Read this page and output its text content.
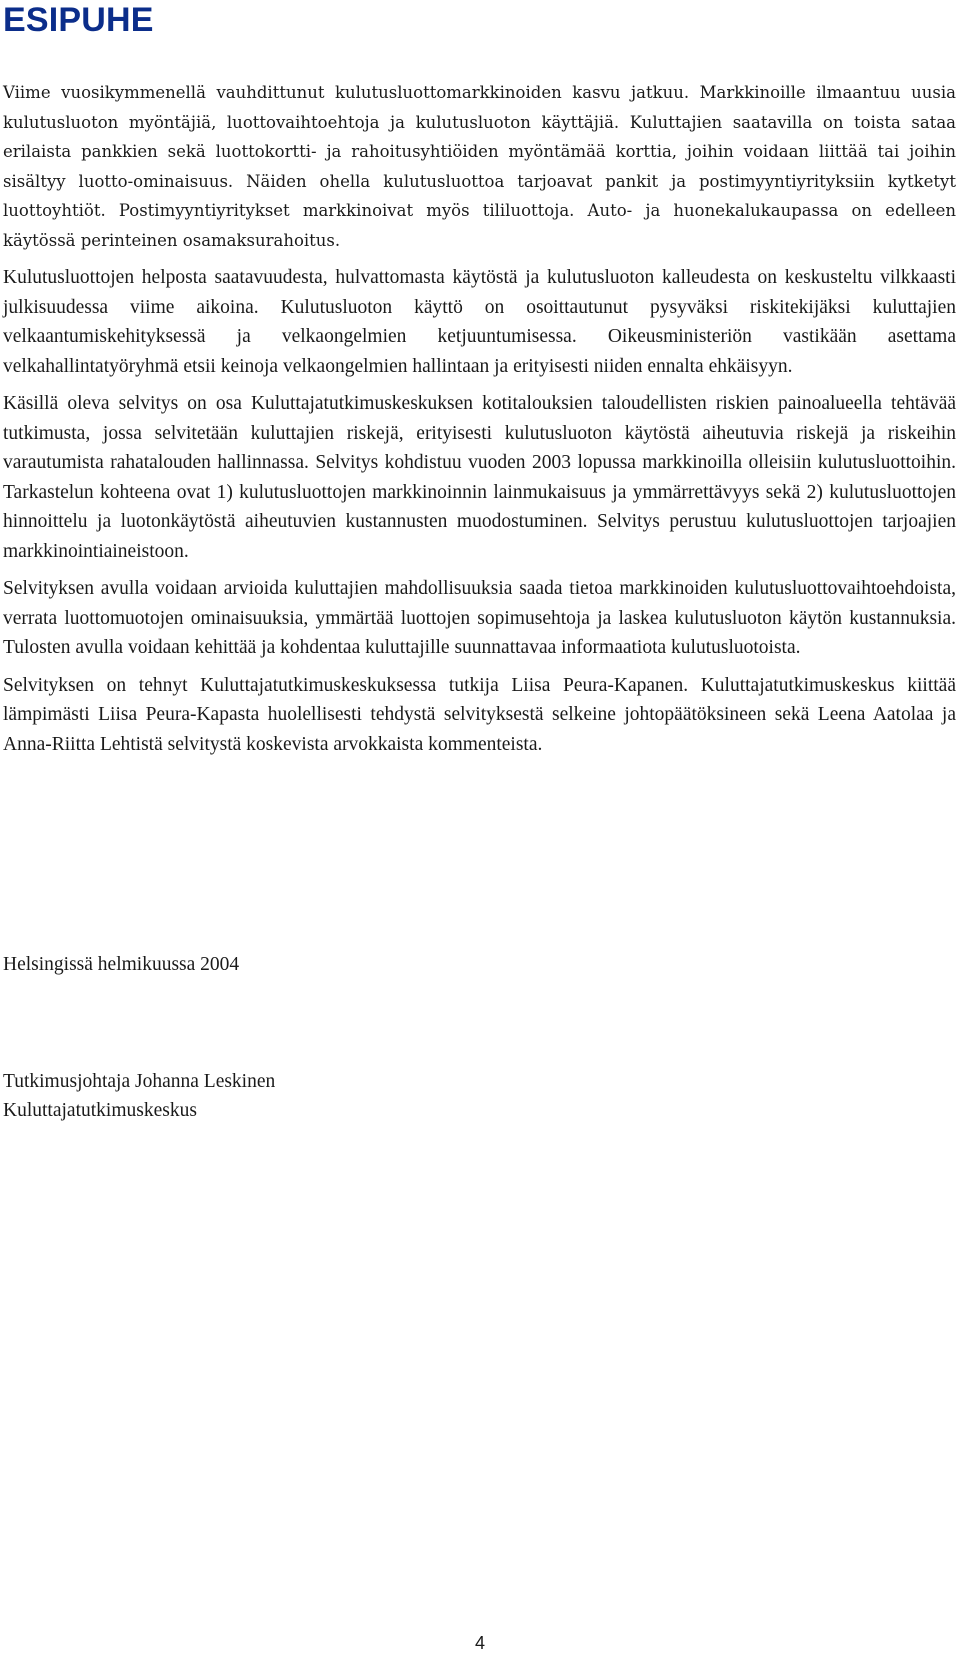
ESIPUHE

Viime vuosikymmenellä vauhdittunut kulutusluottomarkkinoiden kasvu jatkuu. Markkinoille ilmaantuu uusia kulutusluoton myöntäjiä, luottovaihtoehtoja ja kulutusluoton käyttäjiä. Kuluttajien saatavilla on toista sataa erilaista pankkien sekä luottokortti- ja rahoitusyhtiöiden myöntämää korttia, joihin voidaan liittää tai joihin sisältyy luotto-ominaisuus. Näiden ohella kulutusluottoa tarjoavat pankit ja postimyyntiyrityksiin kytketyt luottoyhtiöt. Postimyyntiyritykset markkinoivat myös tililuottoja. Auto- ja huonekalukaupassa on edelleen käytössä perinteinen osamaksurahoitus.

Kulutusluottojen helposta saatavuudesta, hulvattomasta käytöstä ja kulutusluoton kalleudesta on keskusteltu vilkkaasti julkisuudessa viime aikoina. Kulutusluoton käyttö on osoittautunut pysyväksi riskitekijäksi kuluttajien velkaantumiskehityksessä ja velkaongelmien ketjuuntumisessa. Oikeusministeriön vastikään asettama velkahallintatyöryhmä etsii keinoja velkaongelmien hallintaan ja erityisesti niiden ennalta ehkäisyyn.

Käsillä oleva selvitys on osa Kuluttajatutkimuskeskuksen kotitalouksien taloudellisten riskien painoalueella tehtävää tutkimusta, jossa selvitetään kuluttajien riskejä, erityisesti kulutusluoton käytöstä aiheutuvia riskejä ja riskeihin varautumista rahatalouden hallinnassa. Selvitys kohdistuu vuoden 2003 lopussa markkinoilla olleisiin kulutusluottoihin. Tarkastelun kohteena ovat 1) kulutusluottojen markkinoinnin lainmukaisuus ja ymmärrettävyys sekä 2) kulutusluottojen hinnoittelu ja luotonkäytöstä aiheutuvien kustannusten muodostuminen. Selvitys perustuu kulutusluottojen tarjoajien markkinointiaineistoon.

Selvityksen avulla voidaan arvioida kuluttajien mahdollisuuksia saada tietoa markkinoiden kulutusluottovaihtoehdoista, verrata luottomuotojen ominaisuuksia, ymmärtää luottojen sopimusehtoja ja laskea kulutusluoton käytön kustannuksia. Tulosten avulla voidaan kehittää ja kohdentaa kuluttajille suunnattavaa informaatiota kulutusluotoista.

Selvityksen on tehnyt Kuluttajatutkimuskeskuksessa tutkija Liisa Peura-Kapanen. Kuluttajatutkimuskeskus kiittää lämpimästi Liisa Peura-Kapasta huolellisesti tehdystä selvityksestä selkeine johtopäätöksineen sekä Leena Aatolaa ja Anna-Riitta Lehtistä selvitystä koskevista arvokkaista kommenteista.

Helsingissä helmikuussa 2004
Tutkimusjohtaja Johanna Leskinen
Kuluttajatutkimuskeskus
4
